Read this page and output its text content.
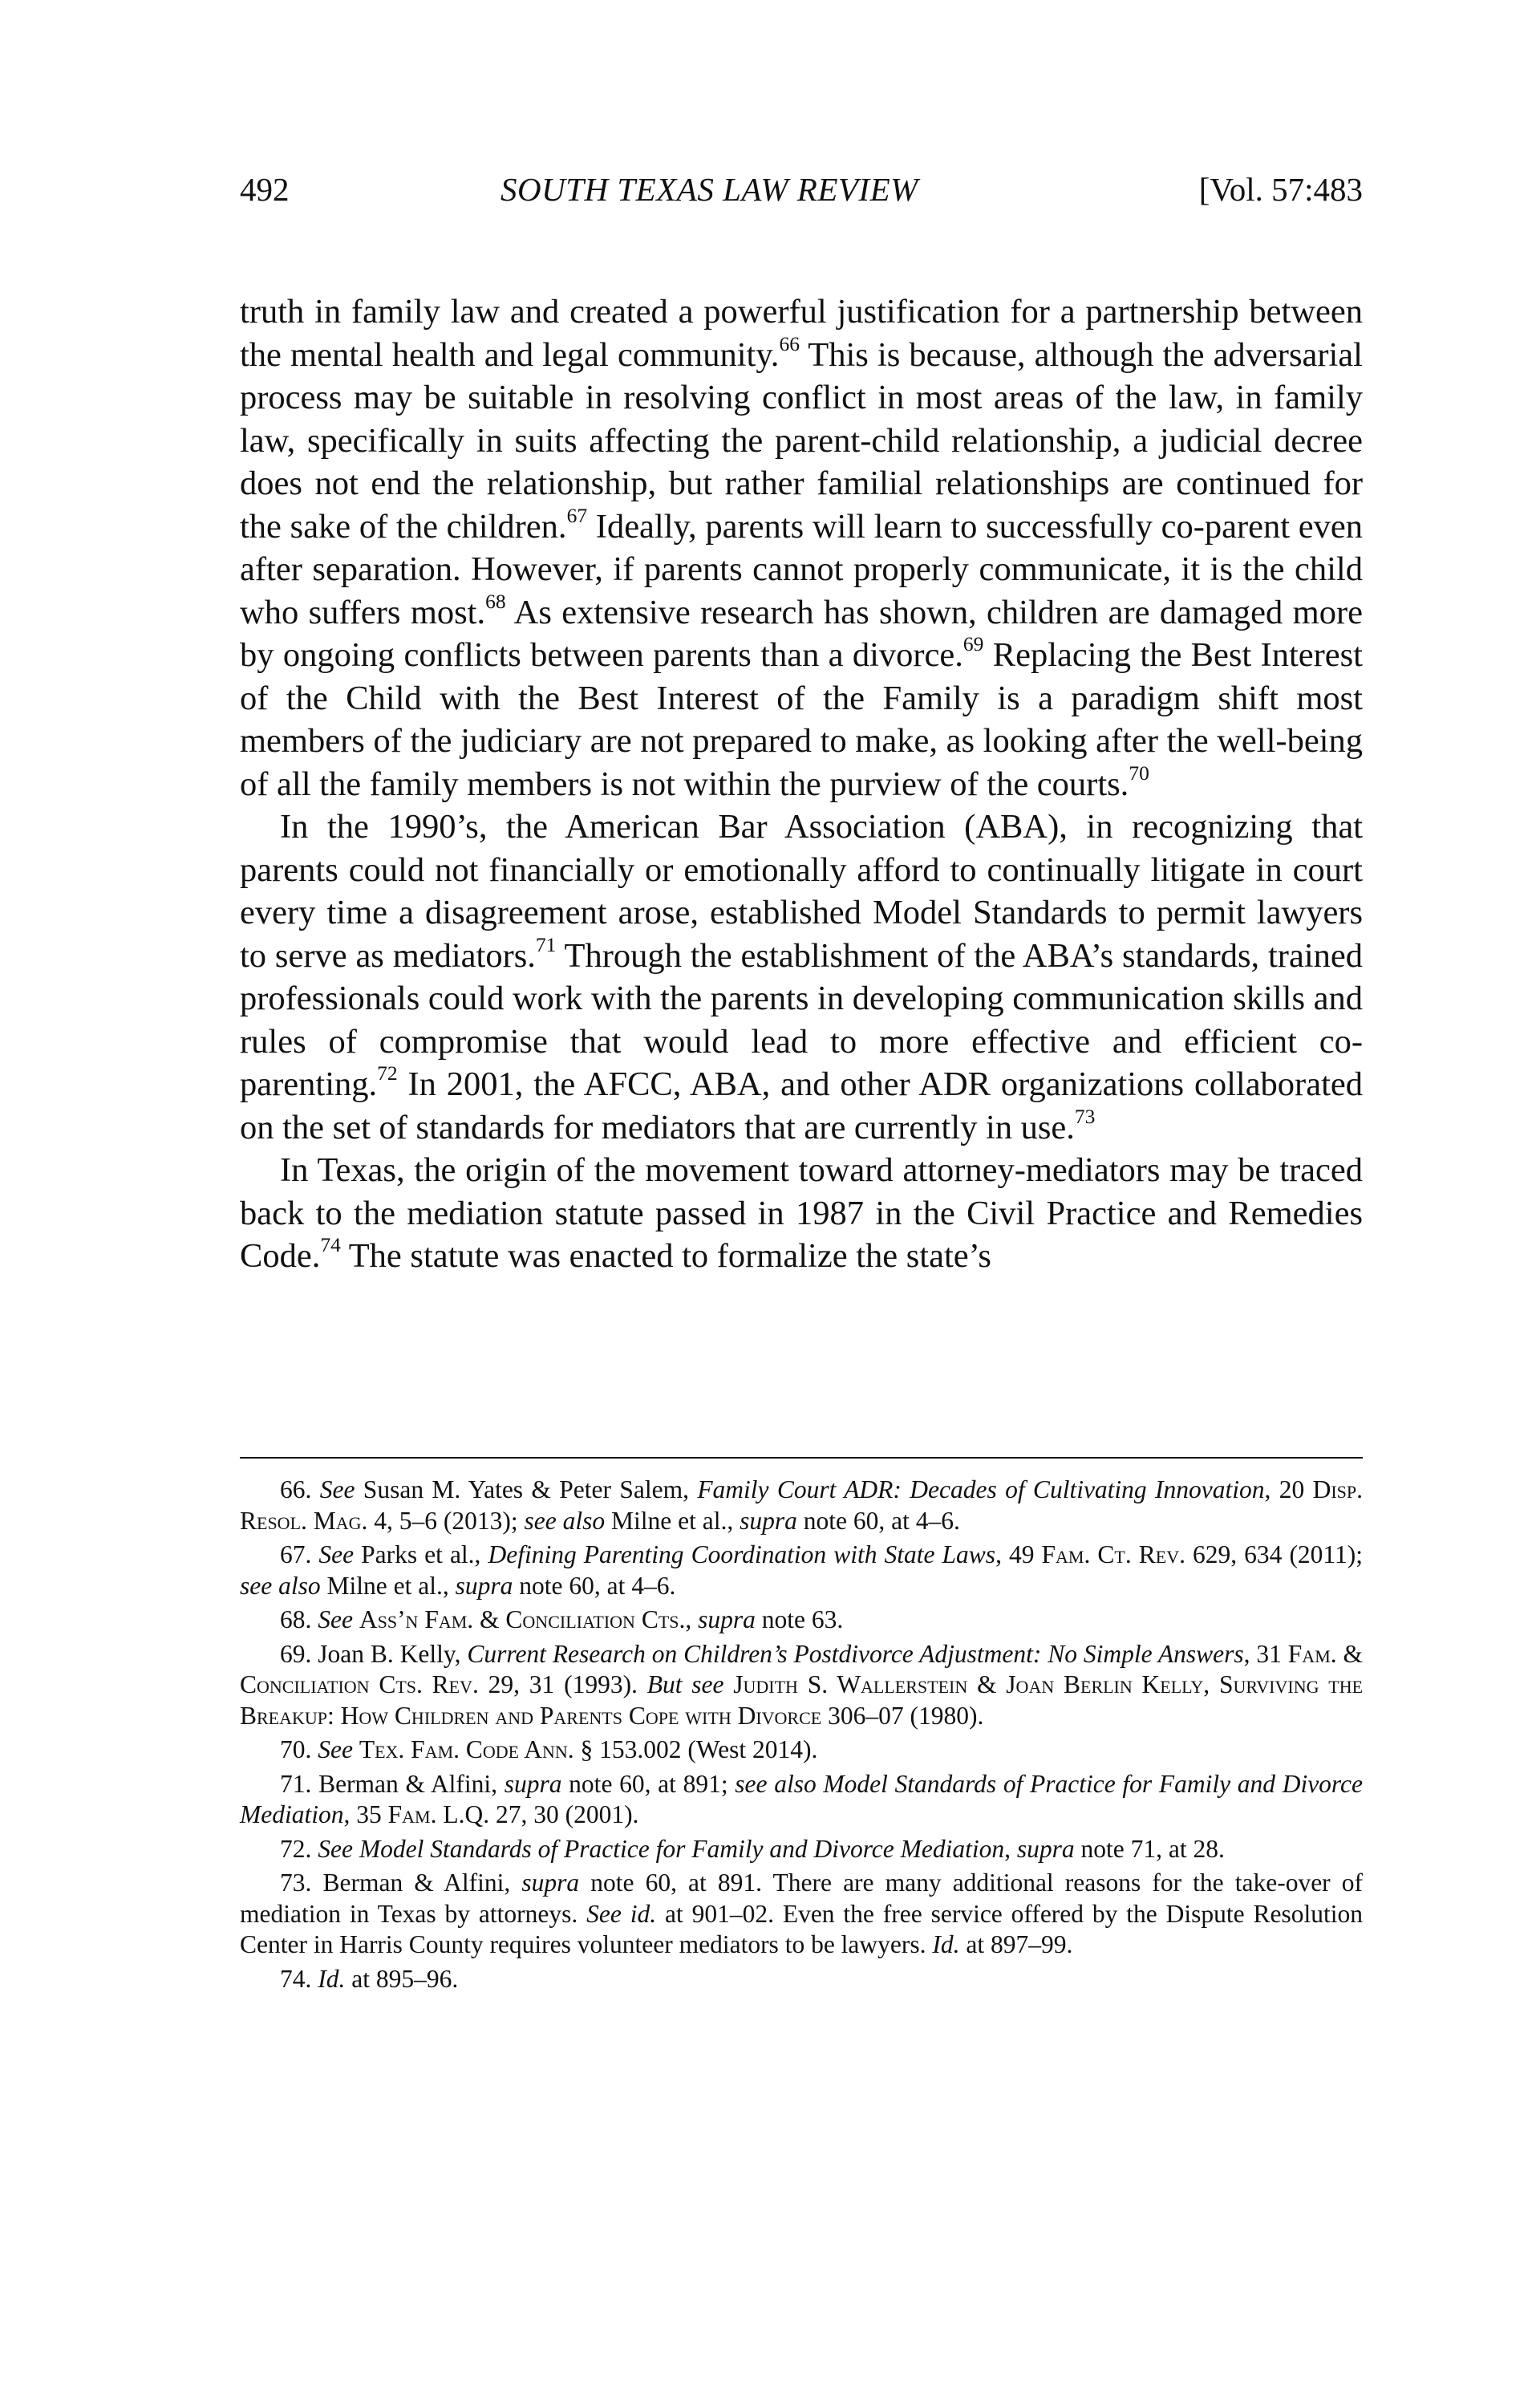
492	SOUTH TEXAS LAW REVIEW	[Vol. 57:483

truth in family law and created a powerful justification for a partnership between the mental health and legal community.$^{66}$ This is because, although the adversarial process may be suitable in resolving conflict in most areas of the law, in family law, specifically in suits affecting the parent-child relationship, a judicial decree does not end the relationship, but rather familial relationships are continued for the sake of the children.$^{67}$ Ideally, parents will learn to successfully co-parent even after separation. However, if parents cannot properly communicate, it is the child who suffers most.$^{68}$ As extensive research has shown, children are damaged more by ongoing conflicts between parents than a divorce.$^{69}$ Replacing the Best Interest of the Child with the Best Interest of the Family is a paradigm shift most members of the judiciary are not prepared to make, as looking after the well-being of all the family members is not within the purview of the courts.$^{70}$

In the 1990’s, the American Bar Association (ABA), in recognizing that parents could not financially or emotionally afford to continually litigate in court every time a disagreement arose, established Model Standards to permit lawyers to serve as mediators.$^{71}$ Through the establishment of the ABA’s standards, trained professionals could work with the parents in developing communication skills and rules of compromise that would lead to more effective and efficient co-parenting.$^{72}$ In 2001, the AFCC, ABA, and other ADR organizations collaborated on the set of standards for mediators that are currently in use.$^{73}$

In Texas, the origin of the movement toward attorney-mediators may be traced back to the mediation statute passed in 1987 in the Civil Practice and Remedies Code.$^{74}$ The statute was enacted to formalize the state’s

66. See Susan M. Yates & Peter Salem, Family Court ADR: Decades of Cultivating Innovation, 20 Disp. Resol. Mag. 4, 5–6 (2013); see also Milne et al., supra note 60, at 4–6.

67. See Parks et al., Defining Parenting Coordination with State Laws, 49 Fam. Ct. Rev. 629, 634 (2011); see also Milne et al., supra note 60, at 4–6.

68. See Ass’n Fam. & Conciliation Cts., supra note 63.

69. Joan B. Kelly, Current Research on Children’s Postdivorce Adjustment: No Simple Answers, 31 Fam. & Conciliation Cts. Rev. 29, 31 (1993). But see Judith S. Wallerstein & Joan Berlin Kelly, Surviving the Breakup: How Children and Parents Cope with Divorce 306–07 (1980).

70. See Tex. Fam. Code Ann. § 153.002 (West 2014).

71. Berman & Alfini, supra note 60, at 891; see also Model Standards of Practice for Family and Divorce Mediation, 35 Fam. L.Q. 27, 30 (2001).

72. See Model Standards of Practice for Family and Divorce Mediation, supra note 71, at 28.

73. Berman & Alfini, supra note 60, at 891. There are many additional reasons for the take-over of mediation in Texas by attorneys. See id. at 901–02. Even the free service offered by the Dispute Resolution Center in Harris County requires volunteer mediators to be lawyers. Id. at 897–99.

74. Id. at 895–96.
